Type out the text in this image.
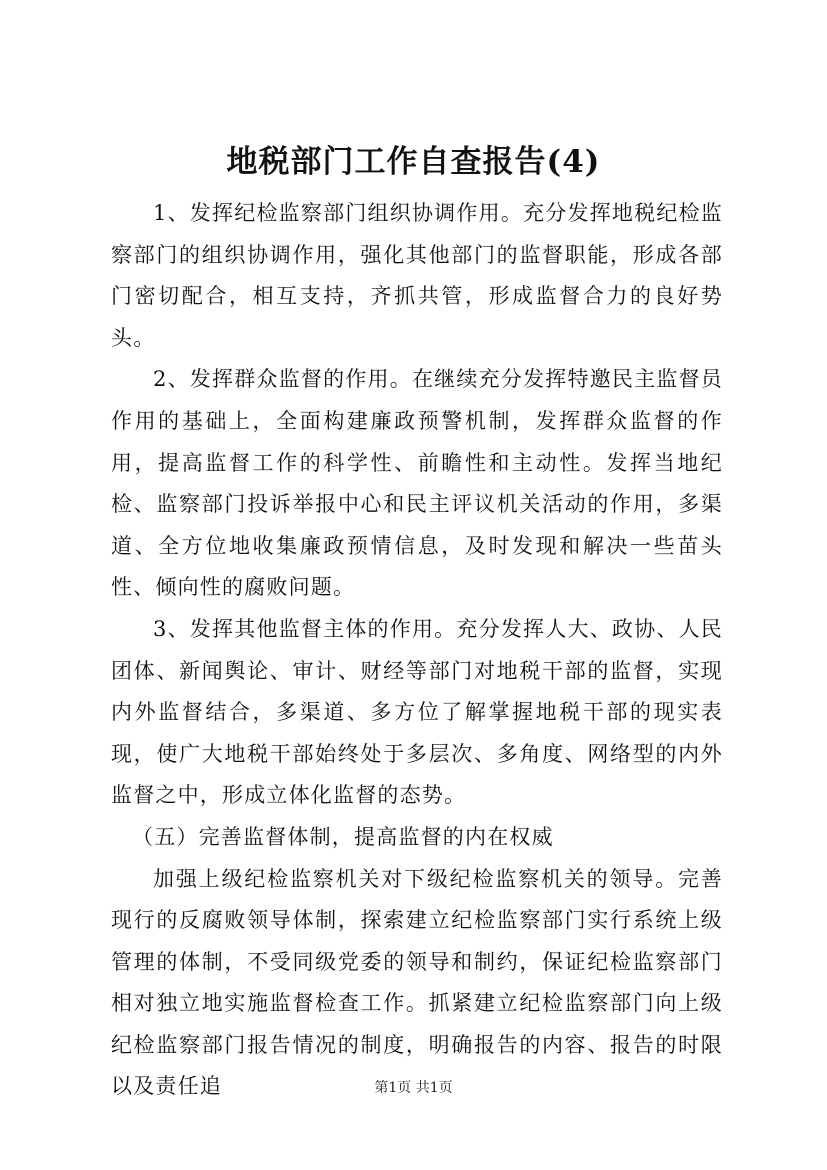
地税部门工作自查报告(4)

1、发挥纪检监察部门组织协调作用。充分发挥地税纪检监察部门的组织协调作用，强化其他部门的监督职能，形成各部门密切配合，相互支持，齐抓共管，形成监督合力的良好势头。

2、发挥群众监督的作用。在继续充分发挥特邀民主监督员作用的基础上，全面构建廉政预警机制，发挥群众监督的作用，提高监督工作的科学性、前瞻性和主动性。发挥当地纪检、监察部门投诉举报中心和民主评议机关活动的作用，多渠道、全方位地收集廉政预情信息，及时发现和解决一些苗头性、倾向性的腐败问题。

3、发挥其他监督主体的作用。充分发挥人大、政协、人民团体、新闻舆论、审计、财经等部门对地税干部的监督，实现内外监督结合，多渠道、多方位了解掌握地税干部的现实表现，使广大地税干部始终处于多层次、多角度、网络型的内外监督之中，形成立体化监督的态势。

（五）完善监督体制，提高监督的内在权威

加强上级纪检监察机关对下级纪检监察机关的领导。完善现行的反腐败领导体制，探索建立纪检监察部门实行系统上级管理的体制，不受同级党委的领导和制约，保证纪检监察部门相对独立地实施监督检查工作。抓紧建立纪检监察部门向上级纪检监察部门报告情况的制度，明确报告的内容、报告的时限以及责任追	第1页 共1页
